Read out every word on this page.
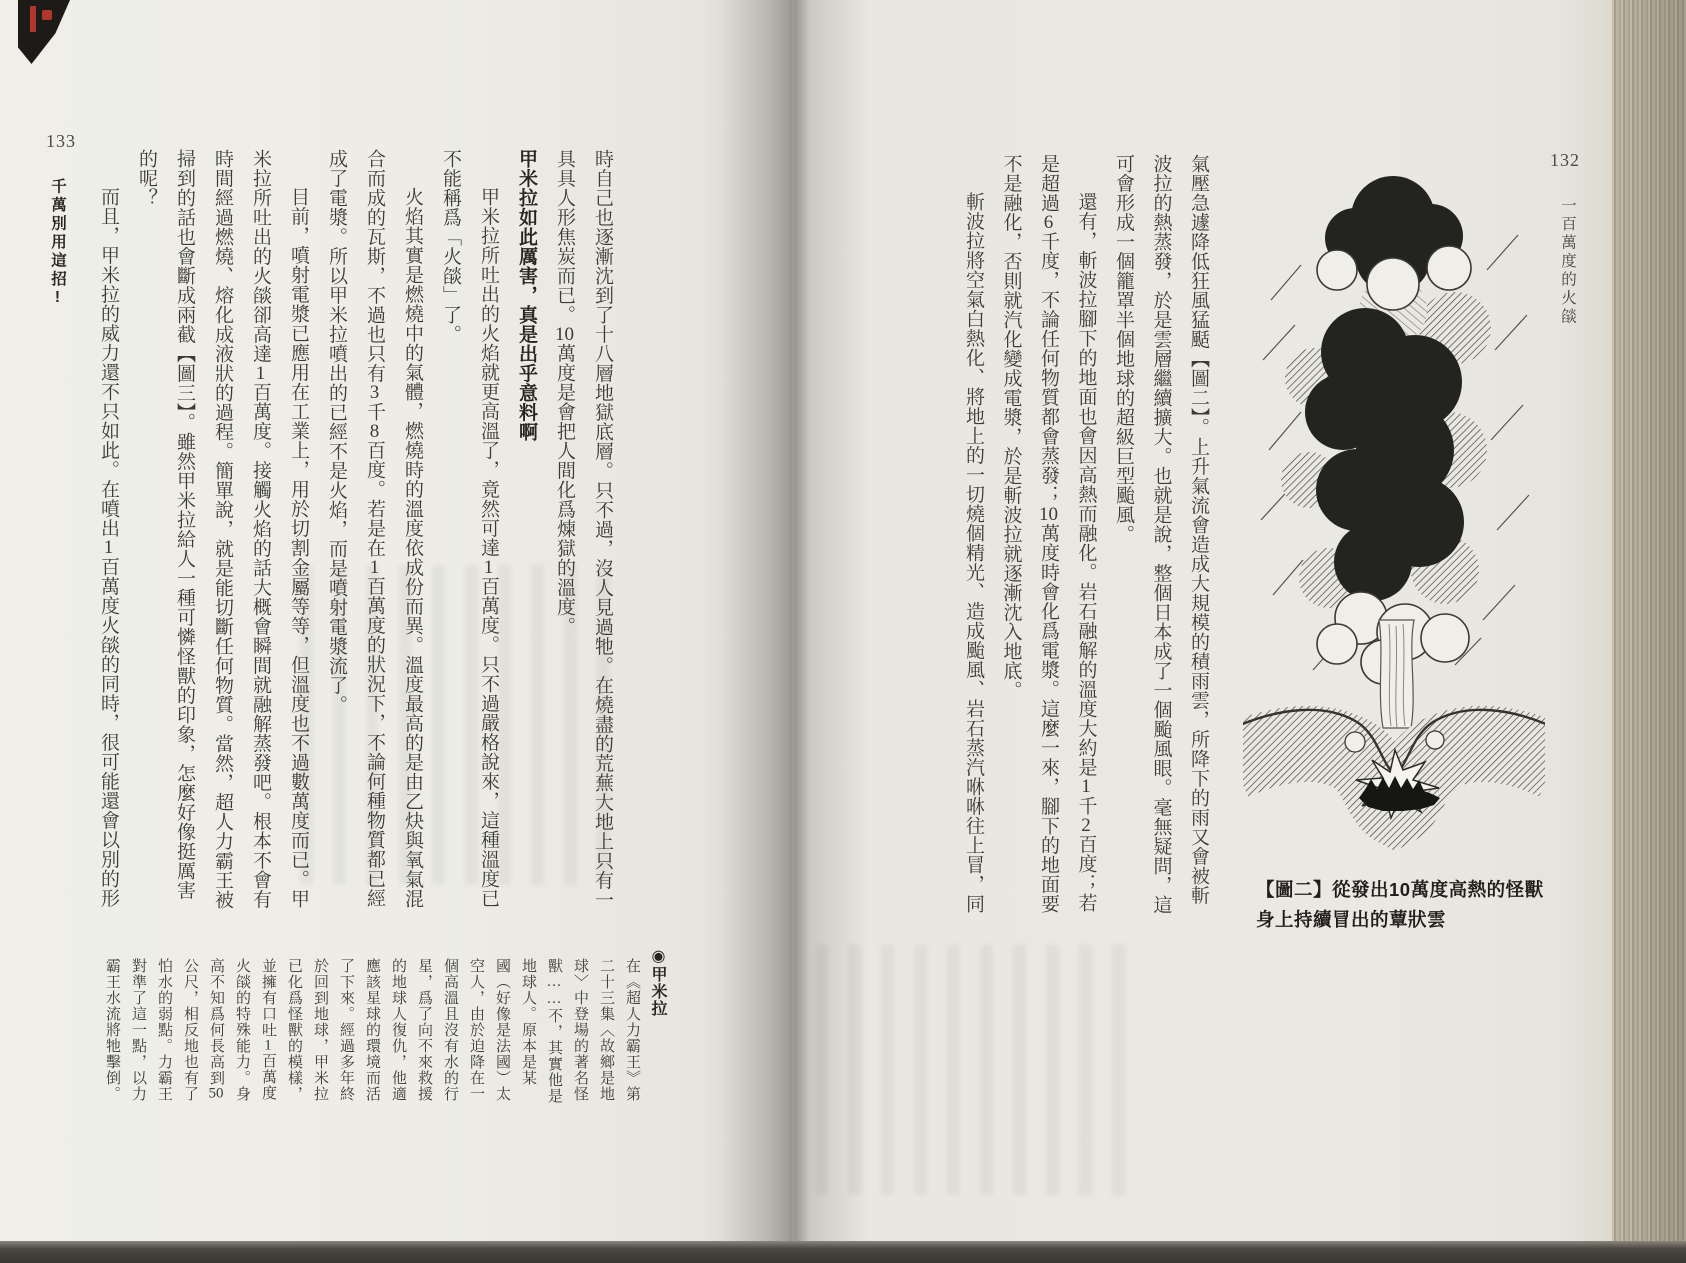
132
一百萬度的火燄
氣壓急遽降低狂風猛颳【圖二】。上升氣流會造成大規模的積雨雲，所降下的雨又會被斬
波拉的熱蒸發，於是雲層繼續擴大。也就是說，整個日本成了一個颱風眼。毫無疑問，這
可會形成一個籠罩半個地球的超級巨型颱風。
還有，斬波拉腳下的地面也會因高熱而融化。岩石融解的溫度大約是1千2百度；若
是超過6千度，不論任何物質都會蒸發；10萬度時會化爲電漿。這麼一來，腳下的地面要
不是融化，否則就汽化變成電漿，於是斬波拉就逐漸沈入地底。
斬波拉將空氣白熱化、將地上的一切燒個精光、造成颱風、岩石蒸汽咻咻往上冒，同	【圖二】從發出10萬度高熱的怪獸
身上持續冒出的蕈狀雲
133
千萬別用這招!	時自己也逐漸沈到了十八層地獄底層。只不過，沒人見過牠。在燒盡的荒蕪大地上只有一
具具人形焦炭而已。10萬度是會把人間化爲煉獄的溫度。
甲米拉如此厲害，真是出乎意料啊
甲米拉所吐出的火焰就更高溫了，竟然可達1百萬度。只不過嚴格說來，這種溫度已
不能稱爲「火燄」了。
火焰其實是燃燒中的氣體，燃燒時的溫度依成份而異。溫度最高的是由乙炔與氧氣混
合而成的瓦斯，不過也只有3千8百度。若是在1百萬度的狀況下，不論何種物質都已經
成了電漿。所以甲米拉噴出的已經不是火焰，而是噴射電漿流了。
目前，噴射電漿已應用在工業上，用於切割金屬等等，但溫度也不過數萬度而已。甲
米拉所吐出的火燄卻高達1百萬度。接觸火焰的話大概會瞬間就融解蒸發吧。根本不會有
時間經過燃燒、熔化成液狀的過程。簡單說，就是能切斷任何物質。當然，超人力霸王被
掃到的話也會斷成兩截【圖三】。雖然甲米拉給人一種可憐怪獸的印象，怎麼好像挺厲害
的呢？
而且，甲米拉的威力還不只如此。在噴出1百萬度火燄的同時，很可能還會以別的形
◉甲米拉
在《超人力霸王》第
二十三集〈故鄉是地
球〉中登場的著名怪
獸……不，其實他是
地球人。原本是某
國（好像是法國）太
空人，由於迫降在一
個高溫且沒有水的行
星，爲了向不來救援
的地球人復仇，他適
應該星球的環境而活
了下來。經過多年終
於回到地球，甲米拉
已化爲怪獸的模樣，
並擁有口吐1百萬度
火燄的特殊能力。身
高不知爲何長高到50
公尺，相反地也有了
怕水的弱點。力霸王
對準了這一點，以力
霸王水流將牠擊倒。
